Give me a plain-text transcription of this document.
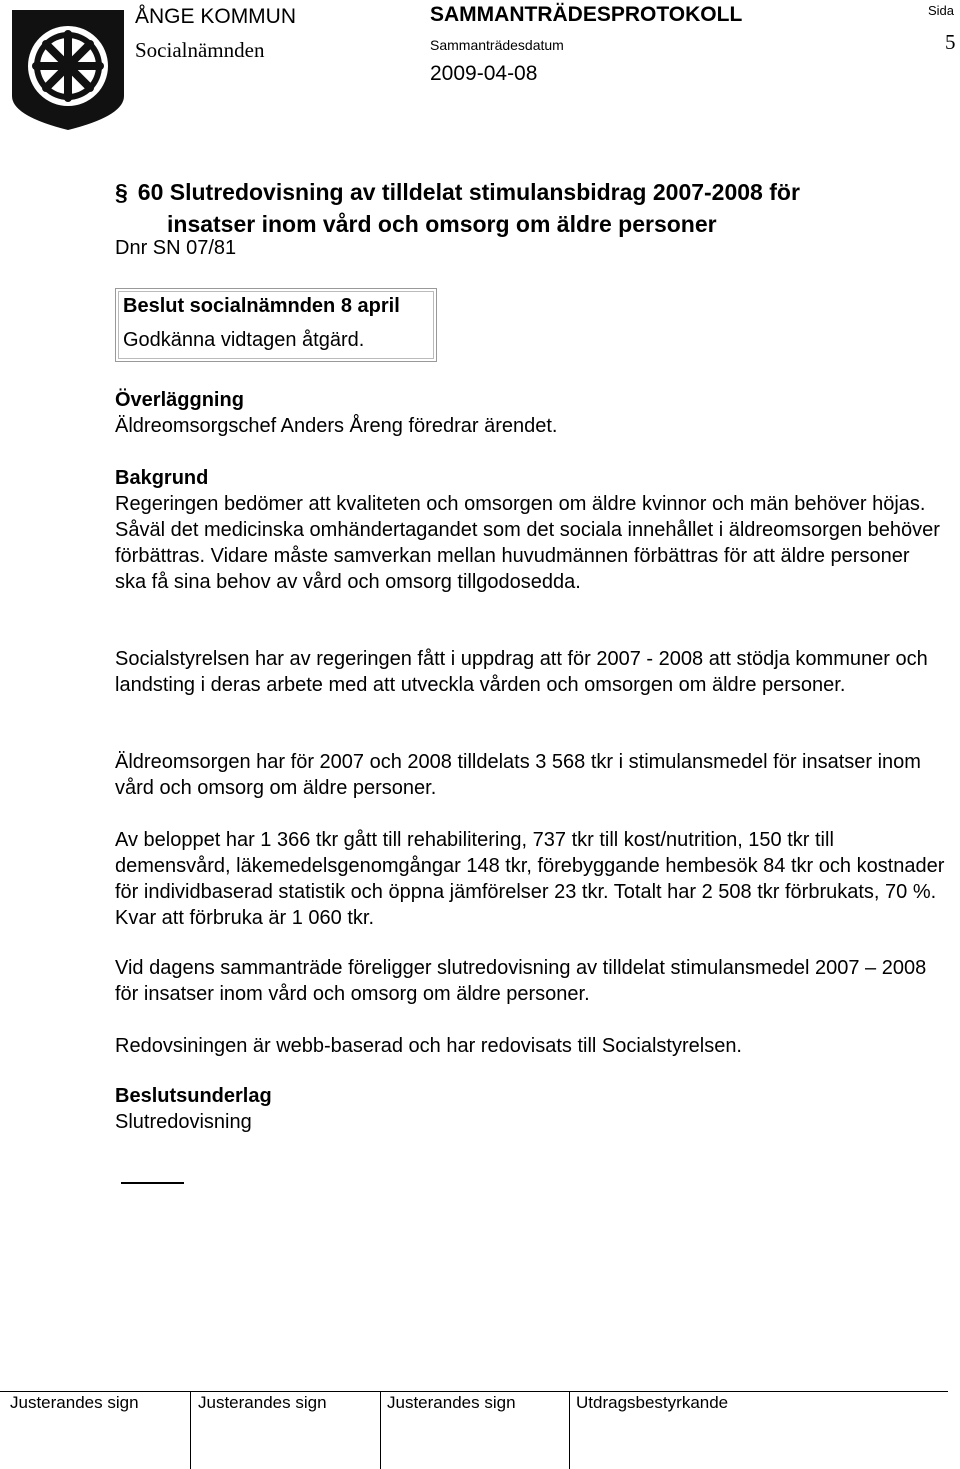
ÅNGE KOMMUN
Socialnämnden
SAMMANTRÄDESPROTOKOLL
Sammanträdesdatum
2009-04-08
Sida
5
§ 60 Slutredovisning av tilldelat stimulansbidrag 2007-2008 för
insatser inom vård och omsorg om äldre personer
Dnr SN 07/81
Beslut socialnämnden 8 april
Godkänna vidtagen åtgärd.
Överläggning
Äldreomsorgschef Anders Åreng föredrar ärendet.
Bakgrund
Regeringen bedömer att kvaliteten och omsorgen om äldre kvinnor och män behöver höjas. Såväl det medicinska omhändertagandet som det sociala innehållet i äldreomsorgen behöver förbättras. Vidare måste samverkan mellan huvudmännen förbättras för att äldre personer ska få sina behov av vård och omsorg tillgodosedda.
Socialstyrelsen har av regeringen fått i uppdrag att för 2007 - 2008 att stödja kommuner och landsting i deras arbete med att utveckla vården och omsorgen om äldre personer.
Äldreomsorgen har för 2007 och 2008 tilldelats 3 568 tkr i stimulansmedel för insatser inom vård och omsorg om äldre personer.
Av beloppet har 1 366 tkr gått till rehabilitering, 737 tkr till kost/nutrition, 150 tkr till demensvård, läkemedelsgenomgångar 148 tkr, förebyggande hembesök 84 tkr och kostnader för individbaserad statistik och öppna jämförelser 23 tkr. Totalt har 2 508 tkr förbrukats, 70 %. Kvar att förbruka är 1 060 tkr.
Vid dagens sammanträde föreligger slutredovisning av tilldelat stimulansmedel 2007 – 2008 för insatser inom vård och omsorg om äldre personer.
Redovsiningen är webb-baserad och har redovisats till Socialstyrelsen.
Beslutsunderlag
Slutredovisning
Justerandes sign	Justerandes sign	Justerandes sign	Utdragsbestyrkande
